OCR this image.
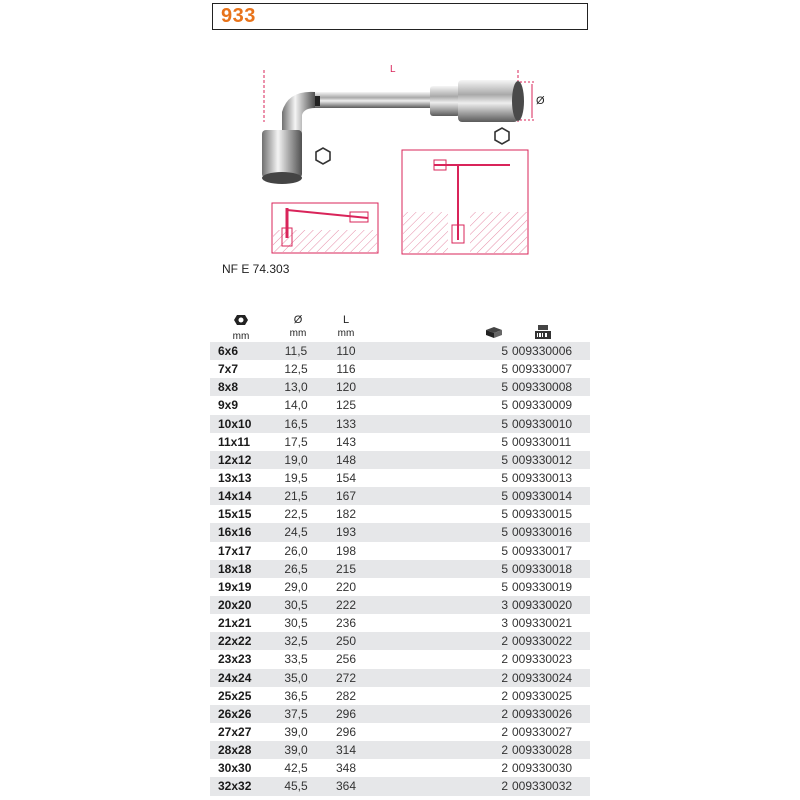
933
L
Ø
NF E 74.303
mm
Ø
mm
L
mm
6x6	11,5	110	5 009330006
7x7	12,5	116	5 009330007
8x8	13,0	120	5 009330008
9x9	14,0	125	5 009330009
10x10	16,5	133	5 009330010
11x11	17,5	143	5 009330011
12x12	19,0	148	5 009330012
13x13	19,5	154	5 009330013
14x14	21,5	167	5 009330014
15x15	22,5	182	5 009330015
16x16	24,5	193	5 009330016
17x17	26,0	198	5 009330017
18x18	26,5	215	5 009330018
19x19	29,0	220	5 009330019
20x20	30,5	222	3 009330020
21x21	30,5	236	3 009330021
22x22	32,5	250	2 009330022
23x23	33,5	256	2 009330023
24x24	35,0	272	2 009330024
25x25	36,5	282	2 009330025
26x26	37,5	296	2 009330026
27x27	39,0	296	2 009330027
28x28	39,0	314	2 009330028
30x30	42,5	348	2 009330030
32x32	45,5	364	2 009330032
